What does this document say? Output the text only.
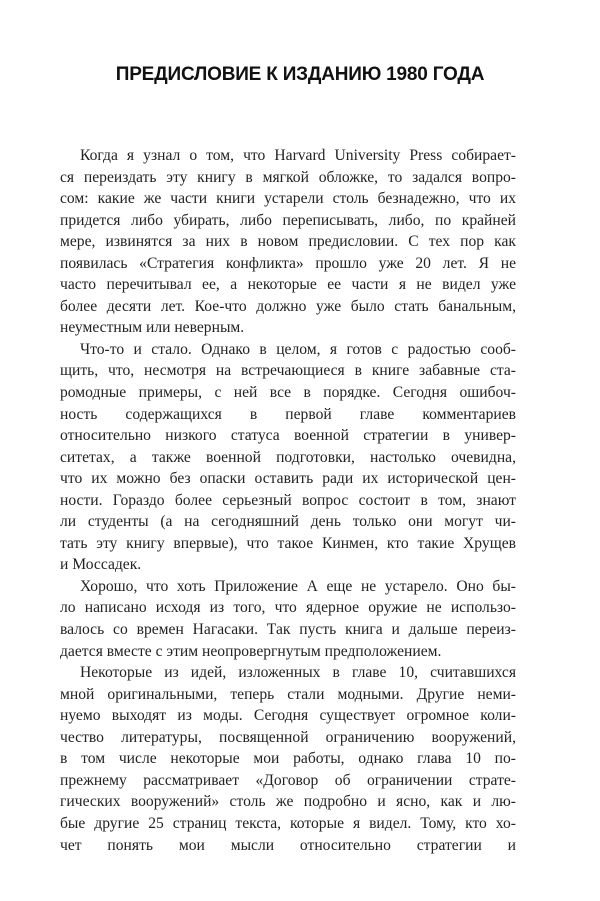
ПРЕДИСЛОВИЕ К ИЗДАНИЮ 1980 ГОДА
Когда я узнал о том, что Harvard University Press собирает-
ся переиздать эту книгу в мягкой обложке, то задался вопро-
сом: какие же части книги устарели столь безнадежно, что их
придется либо убирать, либо переписывать, либо, по крайней
мере, извинятся за них в новом предисловии. С тех пор как
появилась «Стратегия конфликта» прошло уже 20 лет. Я не
часто перечитывал ее, а некоторые ее части я не видел уже
более десяти лет. Кое-что должно уже было стать банальным,
неуместным или неверным.
Что-то и стало. Однако в целом, я готов с радостью сооб-
щить, что, несмотря на встречающиеся в книге забавные ста-
ромодные примеры, с ней все в порядке. Сегодня ошибоч-
ность содержащихся в первой главе комментариев
относительно низкого статуса военной стратегии в универ-
ситетах, а также военной подготовки, настолько очевидна,
что их можно без опаски оставить ради их исторической цен-
ности. Гораздо более серьезный вопрос состоит в том, знают
ли студенты (а на сегодняшний день только они могут чи-
тать эту книгу впервые), что такое Кинмен, кто такие Хрущев
и Моссадек.
Хорошо, что хоть Приложение А еще не устарело. Оно бы-
ло написано исходя из того, что ядерное оружие не использо-
валось со времен Нагасаки. Так пусть книга и дальше переиз-
дается вместе с этим неопровергнутым предположением.
Некоторые из идей, изложенных в главе 10, считавшихся
мной оригинальными, теперь стали модными. Другие неми-
нуемо выходят из моды. Сегодня существует огромное коли-
чество литературы, посвященной ограничению вооружений,
в том числе некоторые мои работы, однако глава 10 по-
прежнему рассматривает «Договор об ограничении страте-
гических вооружений» столь же подробно и ясно, как и лю-
бые другие 25 страниц текста, которые я видел. Тому, кто хо-
чет понять мои мысли относительно стратегии и
